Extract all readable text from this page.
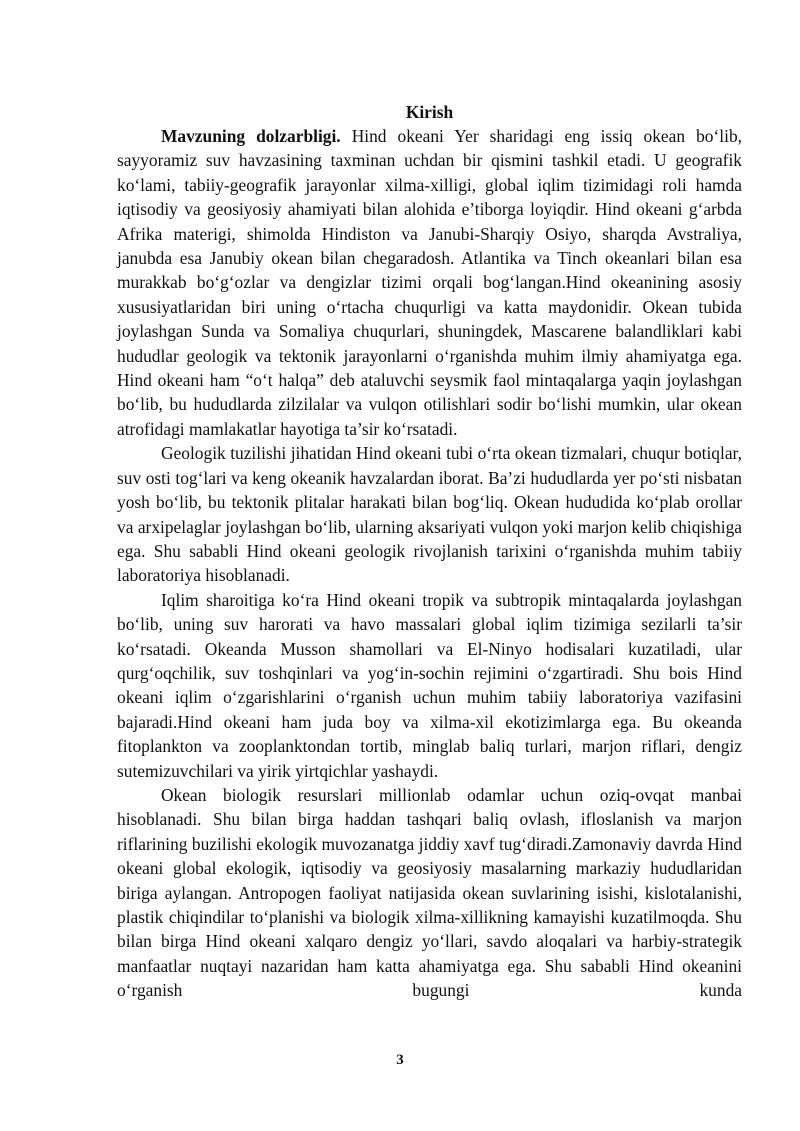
Kirish

Mavzuning dolzarbligi. Hind okeani Yer sharidagi eng issiq okean bo‘lib, sayyoramiz suv havzasining taxminan uchdan bir qismini tashkil etadi. U geografik ko‘lami, tabiiy-geografik jarayonlar xilma-xilligi, global iqlim tizimidagi roli hamda iqtisodiy va geosiyosiy ahamiyati bilan alohida e’tiborga loyiqdir. Hind okeani g‘arbda Afrika materigi, shimolda Hindiston va Janubi-Sharqiy Osiyo, sharqda Avstraliya, janubda esa Janubiy okean bilan chegaradosh. Atlantika va Tinch okeanlari bilan esa murakkab bo‘g‘ozlar va dengizlar tizimi orqali bog‘langan.Hind okeanining asosiy xususiyatlaridan biri uning o‘rtacha chuqurligi va katta maydonidir. Okean tubida joylashgan Sunda va Somaliya chuqurlari, shuningdek, Mascarene balandliklari kabi hududlar geologik va tektonik jarayonlarni o‘rganishda muhim ilmiy ahamiyatga ega. Hind okeani ham “o‘t halqa” deb ataluvchi seysmik faol mintaqalarga yaqin joylashgan bo‘lib, bu hududlarda zilzilalar va vulqon otilishlari sodir bo‘lishi mumkin, ular okean atrofidagi mamlakatlar hayotiga ta’sir ko‘rsatadi.

Geologik tuzilishi jihatidan Hind okeani tubi o‘rta okean tizmalari, chuqur botiqlar, suv osti tog‘lari va keng okeanik havzalardan iborat. Ba’zi hududlarda yer po‘sti nisbatan yosh bo‘lib, bu tektonik plitalar harakati bilan bog‘liq. Okean hududida ko‘plab orollar va arxipelaglar joylashgan bo‘lib, ularning aksariyati vulqon yoki marjon kelib chiqishiga ega. Shu sababli Hind okeani geologik rivojlanish tarixini o‘rganishda muhim tabiiy laboratoriya hisoblanadi.

Iqlim sharoitiga ko‘ra Hind okeani tropik va subtropik mintaqalarda joylashgan bo‘lib, uning suv harorati va havo massalari global iqlim tizimiga sezilarli ta’sir ko‘rsatadi. Okeanda Musson shamollari va El-Ninyo hodisalari kuzatiladi, ular qurg‘oqchilik, suv toshqinlari va yog‘in-sochin rejimini o‘zgartiradi. Shu bois Hind okeani iqlim o‘zgarishlarini o‘rganish uchun muhim tabiiy laboratoriya vazifasini bajaradi.Hind okeani ham juda boy va xilma-xil ekotizimlarga ega. Bu okeanda fitoplankton va zooplanktondan tortib, minglab baliq turlari, marjon riflari, dengiz sutemizuvchilari va yirik yirtqichlar yashaydi.

Okean biologik resurslari millionlab odamlar uchun oziq-ovqat manbai hisoblanadi. Shu bilan birga haddan tashqari baliq ovlash, ifloslanish va marjon riflarining buzilishi ekologik muvozanatga jiddiy xavf tug‘diradi.Zamonaviy davrda Hind okeani global ekologik, iqtisodiy va geosiyosiy masalarning markaziy hududlaridan biriga aylangan. Antropogen faoliyat natijasida okean suvlarining isishi, kislotalanishi, plastik chiqindilar to‘planishi va biologik xilma-xillikning kamayishi kuzatilmoqda. Shu bilan birga Hind okeani xalqaro dengiz yo‘llari, savdo aloqalari va harbiy-strategik manfaatlar nuqtayi nazaridan ham katta ahamiyatga ega. Shu sababli Hind okeanini o‘rganish bugungi kunda

3
